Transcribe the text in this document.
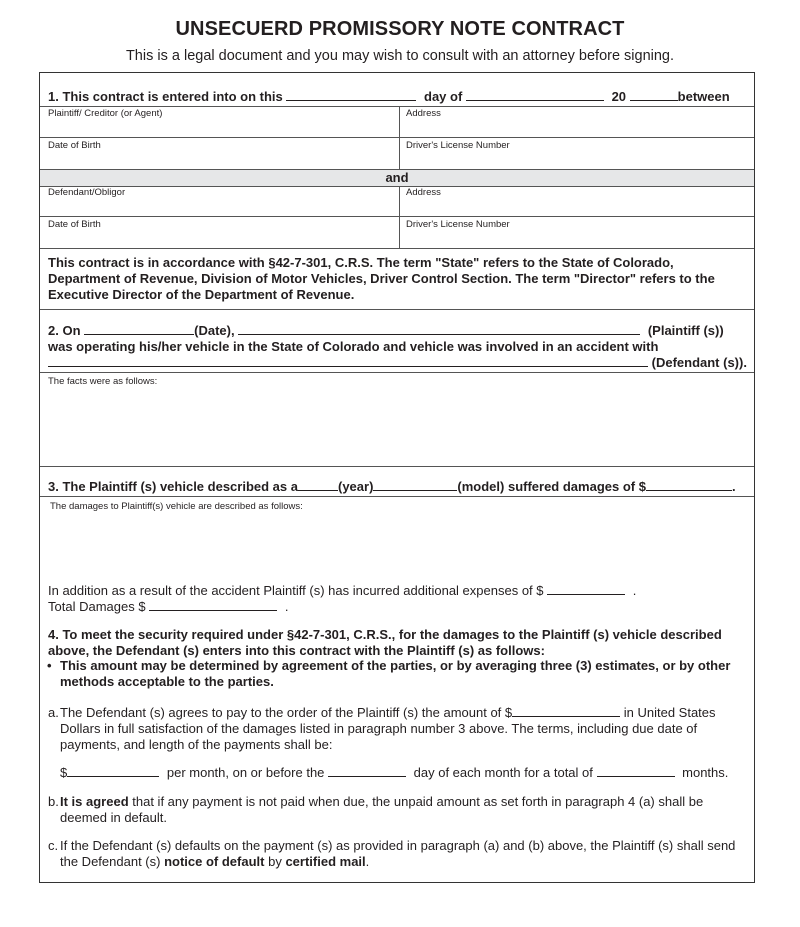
UNSECUERD PROMISSORY NOTE CONTRACT
This is a legal document and you may wish to consult with an attorney before signing.
1. This contract is entered into on this	day of	20	between
Plaintiff/ Creditor (or Agent)	Address
Date of Birth	Driver's License Number
and
Defendant/Obligor	Address
Date of Birth	Driver's License Number
This contract is in accordance with §42-7-301, C.R.S. The term "State" refers to the State of Colorado, Department of Revenue, Division of Motor Vehicles, Driver Control Section. The term "Director" refers to the Executive Director of the Department of Revenue.
2. On	(Date),	(Plaintiff (s))
was operating his/her vehicle in the State of Colorado and vehicle was involved in an accident with
(Defendant (s)).
The facts were as follows:
3. The Plaintiff (s) vehicle described as a	(year)	(model) suffered damages of $	.
The damages to Plaintiff(s) vehicle are described as follows:
In addition as a result of the accident Plaintiff (s) has incurred additional expenses of $	.
Total Damages $	.

4. To meet the security required under §42-7-301, C.R.S., for the damages to the Plaintiff (s) vehicle described above, the Defendant (s) enters into this contract with the Plaintiff (s) as follows:

• This amount may be determined by agreement of the parties, or by averaging three (3) estimates, or by other methods acceptable to the parties.

a. The Defendant (s) agrees to pay to the order of the Plaintiff (s) the amount of $	in United States Dollars in full satisfaction of the damages listed in paragraph number 3 above. The terms, including due date of payments, and length of the payments shall be:

$	per month, on or before the	day of each month for a total of	months.
b. It is agreed that if any payment is not paid when due, the unpaid amount as set forth in paragraph 4 (a) shall be deemed in default.

c. If the Defendant (s) defaults on the payment (s) as provided in paragraph (a) and (b) above, the Plaintiff (s) shall send the Defendant (s) notice of default by certified mail.
